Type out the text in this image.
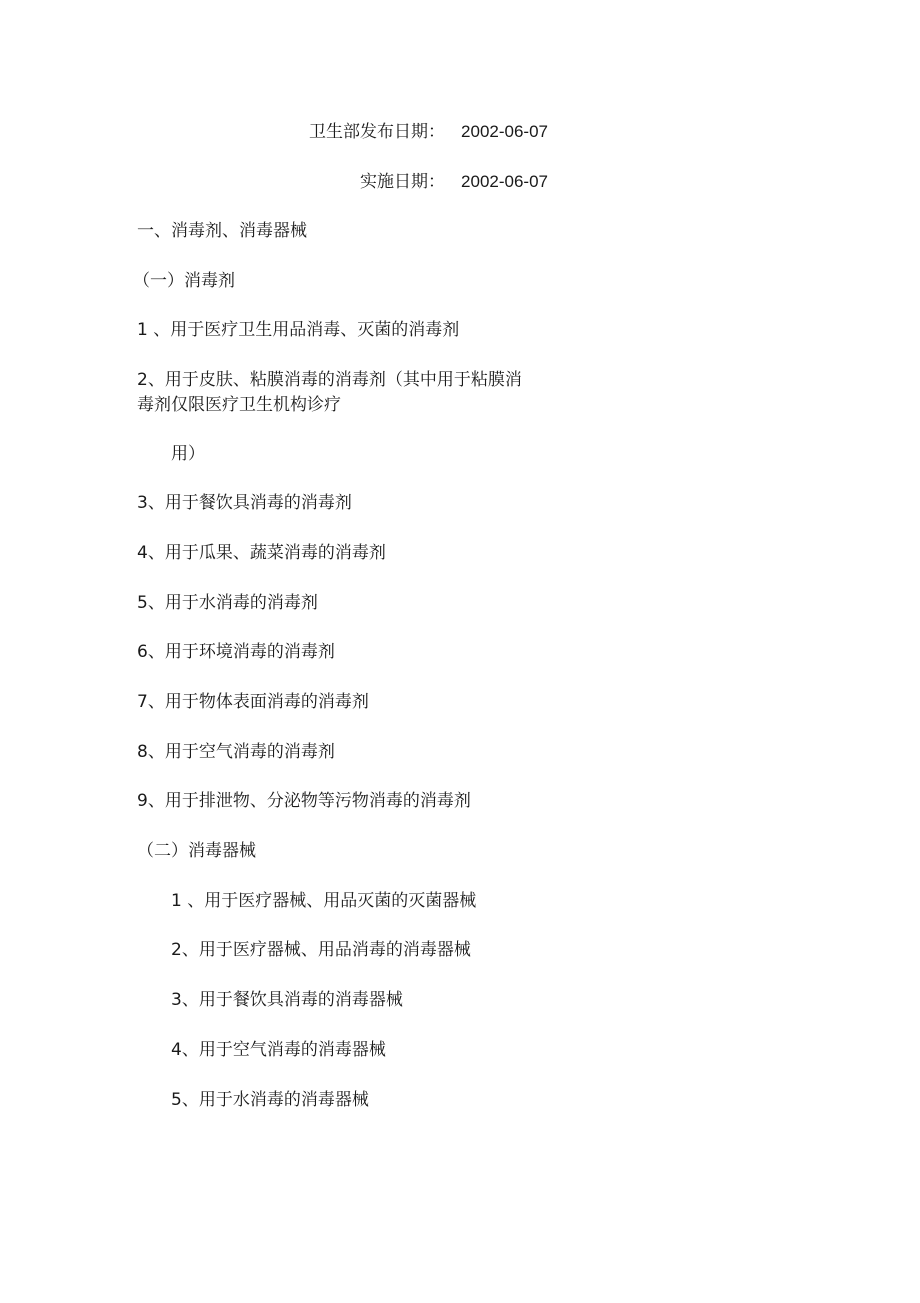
卫生部发布日期： 2002-06-07
实施日期： 2002-06-07
一、消毒剂、消毒器械
（一）消毒剂
1 、用于医疗卫生用品消毒、灭菌的消毒剂
2、用于皮肤、粘膜消毒的消毒剂（其中用于粘膜消
毒剂仅限医疗卫生机构诊疗
用）
3、用于餐饮具消毒的消毒剂
4、用于瓜果、蔬菜消毒的消毒剂
5、用于水消毒的消毒剂
6、用于环境消毒的消毒剂
7、用于物体表面消毒的消毒剂
8、用于空气消毒的消毒剂
9、用于排泄物、分泌物等污物消毒的消毒剂
（二）消毒器械
1 、用于医疗器械、用品灭菌的灭菌器械
2、用于医疗器械、用品消毒的消毒器械
3、用于餐饮具消毒的消毒器械
4、用于空气消毒的消毒器械
5、用于水消毒的消毒器械
